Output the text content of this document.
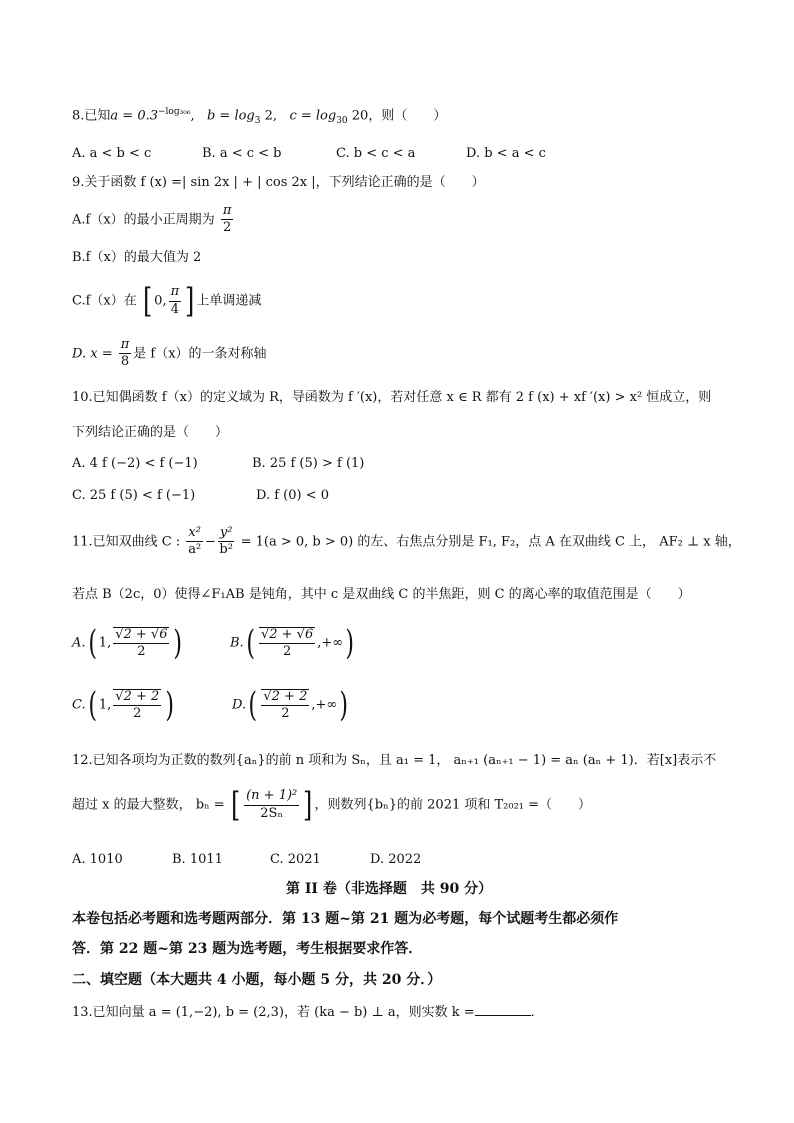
8.已知$a = 0.3^{-log_{306}}$,   $b = \log_3 2$, $c = \log_{30} 20$，则（　　）
A. a < b < c	B. a < c < b	C. b < c < a	D. b < a < c
9.关于函数 f (x) =| sin 2x | + | cos 2x |，下列结论正确的是（　　）
A.f（x）的最小正周期为 $\frac{\pi}{2}$
B.f（x）的最大值为 2
C.f（x）在 [ 0, $\frac{\pi}{4}$ ] 上单调递减
D. $x = \frac{\pi}{8}$ 是 f（x）的一条对称轴
10.已知偶函数 f（x）的定义域为 R，导函数为 f ′(x)，若对任意 x ∈ R 都有 2 f (x) + xf ′(x) > x² 恒成立，则
下列结论正确的是（　　）
A. 4 f (−2) < f (−1)	B. 25 f (5) > f (1)
C. 25 f (5) < f (−1)	D. f (0) < 0
11.已知双曲线 C : $\frac{\text{x²}}{\text{a²}} - \frac{\text{y²}}{\text{b²}} = 1(a > 0$, b > 0) 的左、右焦点分别是 F₁, F₂，点 A 在双曲线 C 上， AF₂ ⊥ x 轴，
若点 B（2c，0）使得∠F₁AB 是钝角，其中 c 是双曲线 C 的半焦距，则 C 的离心率的取值范围是（　　）
A.( 1, $\frac{√2 + √6}{2}$ )	$B.( \frac{√2 + √6}{2}$ ,+∞)
C.( 1, $\frac{√2 + 2}{2}$ )	$D.( \frac{√2 + 2}{2}$ ,+∞)
12.已知各项均为正数的数列{aₙ}的前 n 项和为 Sₙ，且 a₁ = 1， aₙ₊₁ (aₙ₊₁ − 1) = aₙ (aₙ + 1)．若[x]表示不
超过 x 的最大整数， bₙ = [ $\frac{\text{(n + 1)²}}{\text{2Sₙ}}$ ] ，则数列{bₙ}的前 2021 项和 T₂₀₂₁ =（　　）
A. 1010	B. 1011	C. 2021	D. 2022
第 II 卷（非选择题　共 90 分）
本卷包括必考题和选考题两部分．第 13 题~第 21 题为必考题，每个试题考生都必须作
答．第 22 题~第 23 题为选考题，考生根据要求作答．
二、填空题（本大题共 4 小题，每小题 5 分，共 20 分．）
13.已知向量 a = (1,−2), b = (2,3)，若 (ka − b) ⊥ a，则实数 k =	．
